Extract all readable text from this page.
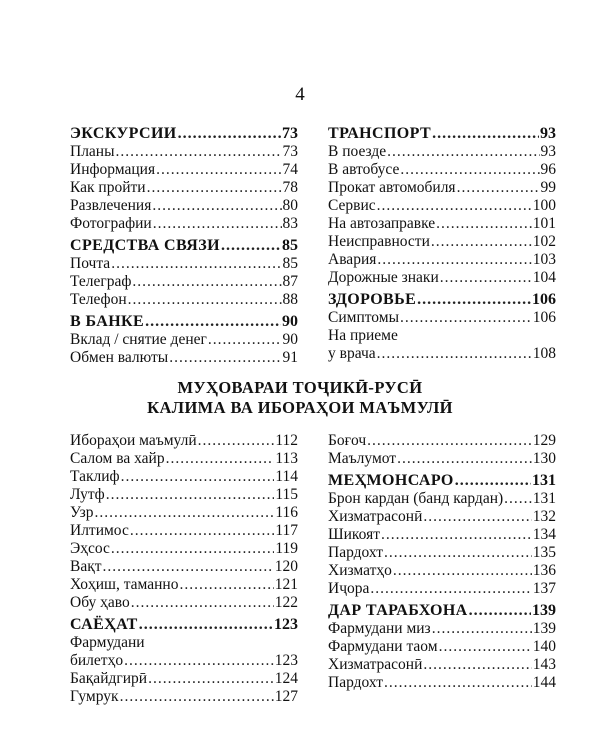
4
ЭКСКУРСИИ .....	73
Планы .....	73
Информация .....	74
Как пройти .....	78
Развлечения .....	80
Фотографии .....	83
СРЕДСТВА СВЯЗИ .....	85
Почта .....	85
Телеграф .....	87
Телефон .....	88
В БАНКЕ .....	90
Вклад / снятие денег .....	90
Обмен валюты .....	91
ТРАНСПОРТ .....	93
В поезде .....	93
В автобусе .....	96
Прокат автомобиля .....	99
Сервис .....	100
На автозаправке .....	101
Неисправности .....	102
Авария .....	103
Дорожные знаки .....	104
ЗДОРОВЬЕ .....	106
Симптомы .....	106
На приеме
у врача .....	108
МУҲОВАРАИ ТОҶИКӢ-РУСӢ
КАЛИМА ВА ИБОРАҲОИ МАЪМУЛӢ
Ибораҳои маъмулӣ .....	112
Салом ва хайр .....	113
Таклиф .....	114
Лутф .....	115
Узр .....	116
Илтимос .....	117
Эҳсос .....	119
Вақт .....	120
Хоҳиш, таманно .....	121
Обу ҳаво .....	122
САЁҲАТ .....	123
Фармудани
билетҳо .....	123
Бақайдгирӣ .....	124
Гумрук .....	127
Боғоч .....	129
Маълумот .....	130
МЕҲМОНСАРО .....	131
Брон кардан (банд кардан) ..... 131
Хизматрасонӣ .....	132
Шикоят .....	134
Пардохт .....	135
Хизматҳо .....	136
Иҷора .....	137
ДАР ТАРАБХОНА .....	139
Фармудани миз .....	139
Фармудани таом .....	140
Хизматрасонӣ .....	143
Пардохт .....	144
